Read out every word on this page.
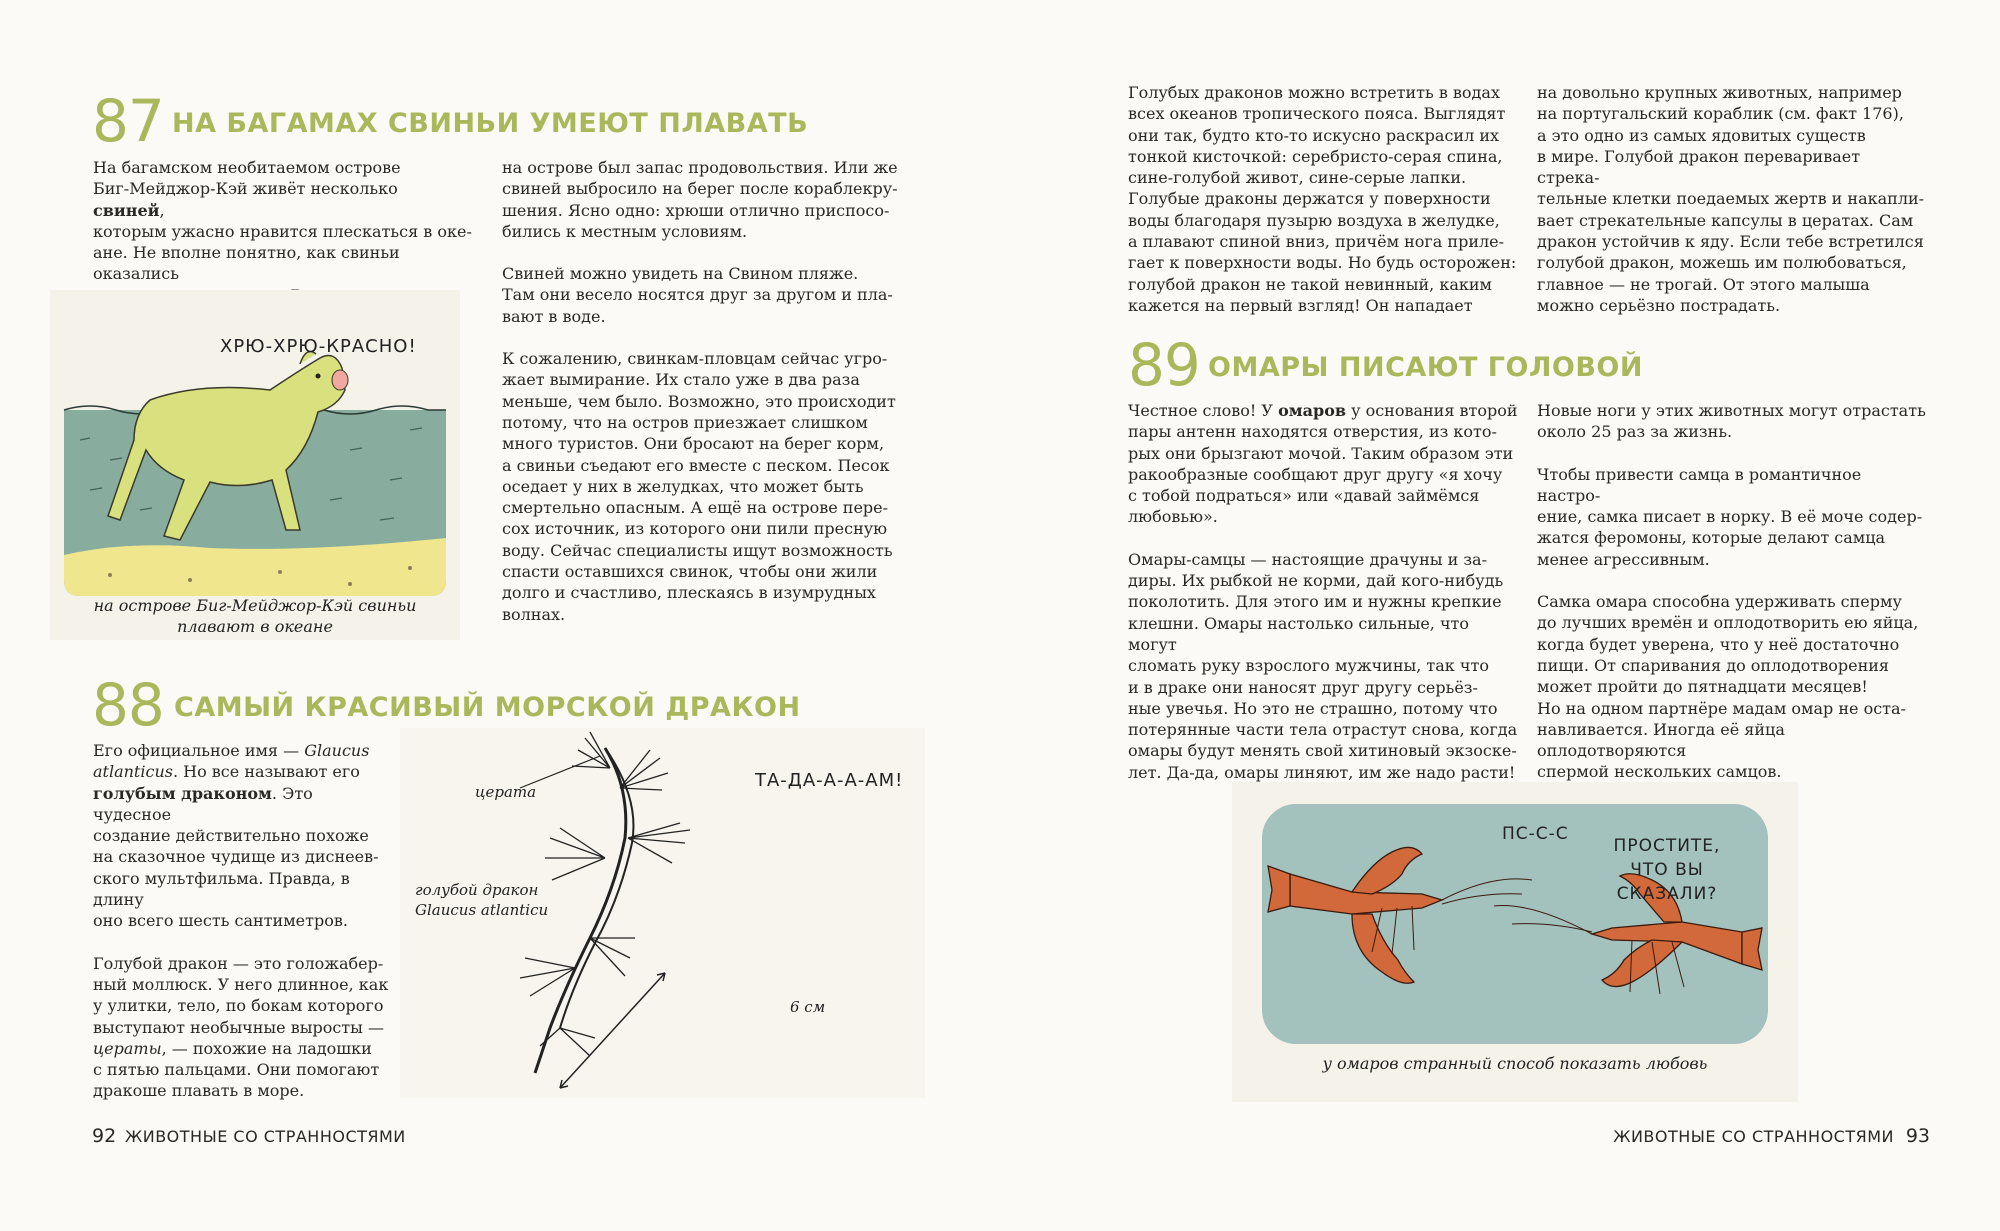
87 НА БАГАМАХ СВИНЬИ УМЕЮТ ПЛАВАТЬ

На багамском необитаемом острове
Биг-Мейджор-Кэй живёт несколько свиней,
которым ужасно нравится плескаться в оке-
ане. Не вполне понятно, как свиньи оказались

на острове был запас продовольствия. Или же
свиней выбросило на берег после кораблекру-
шения. Ясно одно: хрюши отлично приспосо-
бились к местным условиям.

Свиней можно увидеть на Свином пляже.
Там они весело носятся друг за другом и пла-
вают в воде.

К сожалению, свинкам-пловцам сейчас угро-
жает вымирание. Их стало уже в два раза
меньше, чем было. Возможно, это происходит
потому, что на остров приезжает слишком
много туристов. Они бросают на берег корм,
а свиньи съедают его вместе с песком. Песок
оседает у них в желудках, что может быть
смертельно опасным. А ещё на острове пере-
сох источник, из которого они пили пресную
воду. Сейчас специалисты ищут возможность
спасти оставшихся свинок, чтобы они жили
долго и счастливо, плескаясь в изумрудных
волнах.

ХРЮ-ХРЮ-КРАСНО!
на острове Биг-Мейджор-Кэй свиньи
плавают в океане
88 САМЫЙ КРАСИВЫЙ МОРСКОЙ ДРАКОН

Его официальное имя — Glaucus
atlanticus. Но все называют его
голубым драконом. Это чудесное
создание действительно похоже
на сказочное чудище из диснеев-
ского мультфильма. Правда, в длину
оно всего шесть сантиметров.

Голубой дракон — это голожабер-
ный моллюск. У него длинное, как
у улитки, тело, по бокам которого
выступают необычные выросты —
цераты, — похожие на ладошки
с пятью пальцами. Они помогают
дракоше плавать в море.

церата
голубой дракон
Glaucus atlanticu
ТА-ДА-А-А-АМ!
6 см
92 ЖИВОТНЫЕ СО СТРАННОСТЯМИ

Голубых драконов можно встретить в водах
всех океанов тропического пояса. Выглядят
они так, будто кто-то искусно раскрасил их
тонкой кисточкой: серебристо-серая спина,
сине-голубой живот, сине-серые лапки.
Голубые драконы держатся у поверхности
воды благодаря пузырю воздуха в желудке,
а плавают спиной вниз, причём нога прилe-
гает к поверхности воды. Но будь осторожен:
голубой дракон не такой невинный, каким
кажется на первый взгляд! Он нападает

на довольно крупных животных, например
на португальский кораблик (см. факт 176),
а это одно из самых ядовитых существ
в мире. Голубой дракон переваривает стрека-
тельные клетки поедаемых жертв и накапли-
вает стрекательные капсулы в цератах. Сам
дракон устойчив к яду. Если тебе встретился
голубой дракон, можешь им полюбоваться,
главное — не трогай. От этого малыша
можно серьёзно пострадать.

89 ОМАРЫ ПИСАЮТ ГОЛОВОЙ

Честное слово! У омаров у основания второй
пары антенн находятся отверстия, из кото-
рых они брызгают мочой. Таким образом эти
ракообразные сообщают друг другу «я хочу
с тобой подраться» или «давай займёмся
любовью».

Омары-самцы — настоящие драчуны и за-
диры. Их рыбкой не корми, дай кого-нибудь
поколотить. Для этого им и нужны крепкие
клешни. Омары настолько сильные, что могут
сломать руку взрослого мужчины, так что
и в драке они наносят друг другу серьёз-
ные увечья. Но это не страшно, потому что
потерянные части тела отрастут снова, когда
омары будут менять свой хитиновый экзоске-
лет. Да-да, омары линяют, им же надо расти!

Новые ноги у этих животных могут отрастать
около 25 раз за жизнь.

Чтобы привести самца в романтичное настро-
ение, самка писает в норку. В её моче содер-
жатся феромоны, которые делают самца
менее агрессивным.

Самка омара способна удерживать сперму
до лучших времён и оплодотворить ею яйца,
когда будет уверена, что у неё достаточно
пищи. От спаривания до оплодотворения
может пройти до пятнадцати месяцев!
Но на одном партнёре мадам омар не оста-
навливается. Иногда её яйца оплодотворяются
спермой нескольких самцов.

ПС-С-С
ПРОСТИТЕ,
ЧТО ВЫ
СКАЗАЛИ?
у омаров странный способ показать любовь
ЖИВОТНЫЕ СО СТРАННОСТЯМИ 93
